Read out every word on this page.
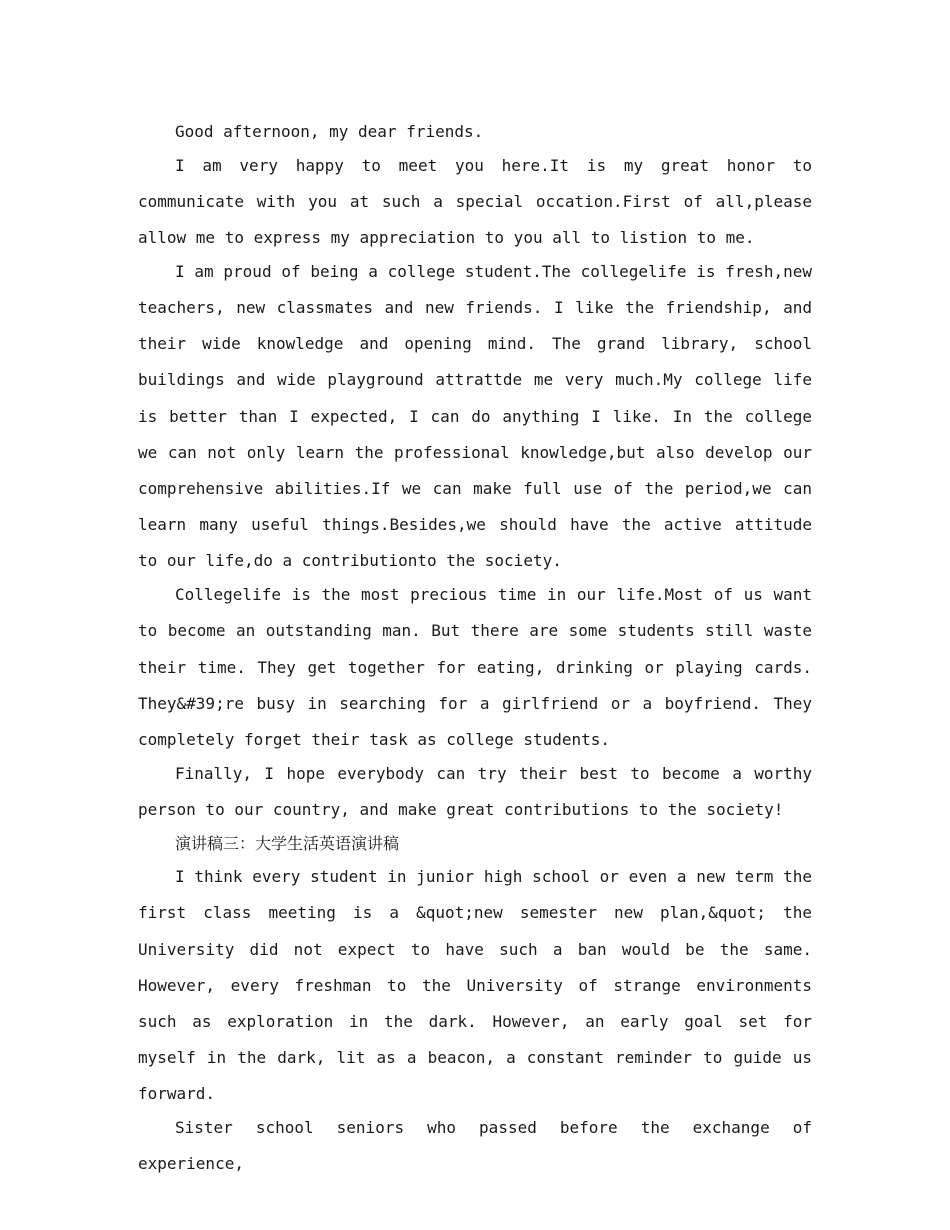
Good afternoon, my dear friends.

I am very happy to meet you here.It is my great honor to communicate with you at such a special occation.First of all,please allow me to express my appreciation to you all to listion to me.

I am proud of being a college student.The collegelife is fresh,new teachers, new classmates and new friends. I like the friendship, and their wide knowledge and opening mind. The grand library, school buildings and wide playground attrattde me very much.My college life is better than I expected, I can do anything I like. In the college we can not only learn the professional knowledge,but also develop our comprehensive abilities.If we can make full use of the period,we can learn many useful things.Besides,we should have the active attitude to our life,do a contributionto the society.

Collegelife is the most precious time in our life.Most of us want to become an outstanding man. But there are some students still waste their time. They get together for eating, drinking or playing cards. They&#39;re busy in searching for a girlfriend or a boyfriend. They completely forget their task as college students.

Finally, I hope everybody can try their best to become a worthy person to our country, and make great contributions to the society!

演讲稿三：大学生活英语演讲稿

I think every student in junior high school or even a new term the first class meeting is a &quot;new semester new plan,&quot; the University did not expect to have such a ban would be the same. However, every freshman to the University of strange environments such as exploration in the dark. However, an early goal set for myself in the dark, lit as a beacon, a constant reminder to guide us forward.

Sister school seniors who passed before the exchange of experience,
